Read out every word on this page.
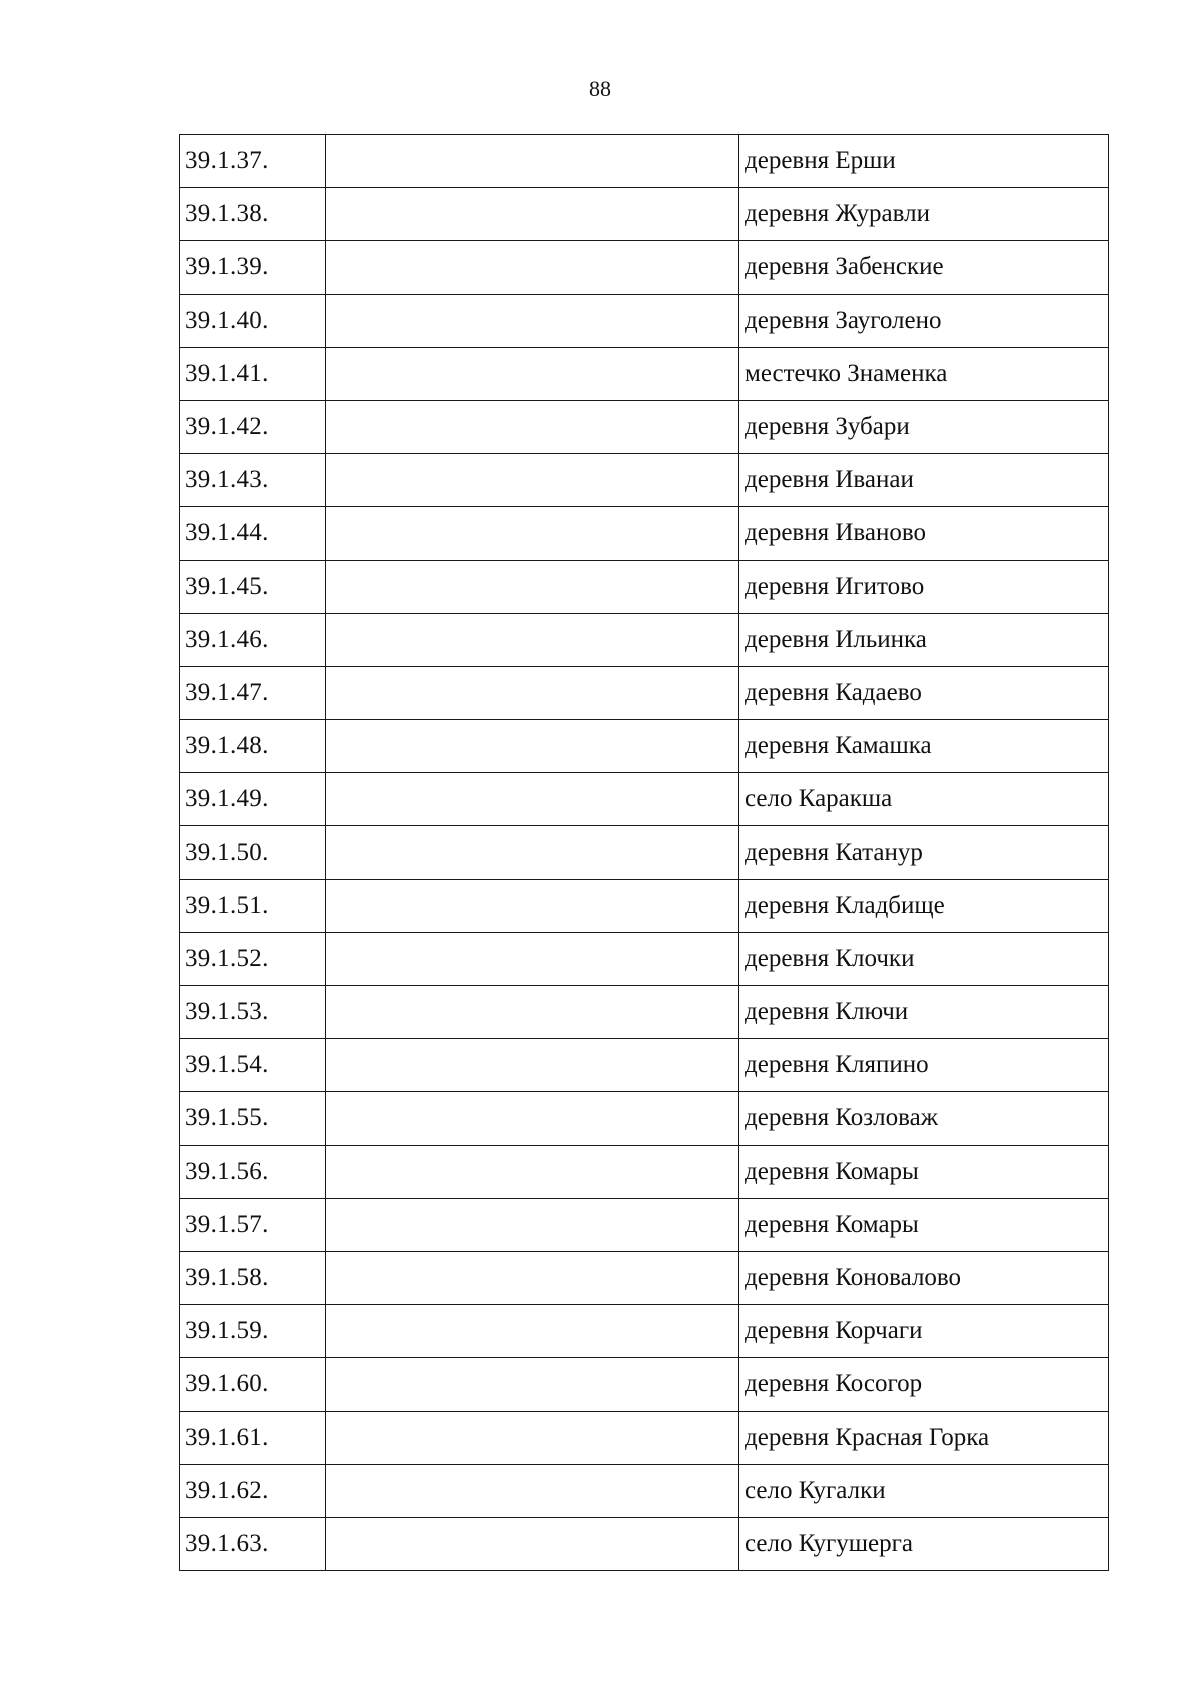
88
39.1.37.		деревня Ерши
39.1.38.		деревня Журавли
39.1.39.		деревня Забенские
39.1.40.		деревня Зауголено
39.1.41.		местечко Знаменка
39.1.42.		деревня Зубари
39.1.43.		деревня Иванаи
39.1.44.		деревня Иваново
39.1.45.		деревня Игитово
39.1.46.		деревня Ильинка
39.1.47.		деревня Кадаево
39.1.48.		деревня Камашка
39.1.49.		село Каракша
39.1.50.		деревня Катанур
39.1.51.		деревня Кладбище
39.1.52.		деревня Клочки
39.1.53.		деревня Ключи
39.1.54.		деревня Кляпино
39.1.55.		деревня Козловаж
39.1.56.		деревня Комары
39.1.57.		деревня Комары
39.1.58.		деревня Коновалово
39.1.59.		деревня Корчаги
39.1.60.		деревня Косогор
39.1.61.		деревня Красная Горка
39.1.62.		село Кугалки
39.1.63.		село Кугушерга
